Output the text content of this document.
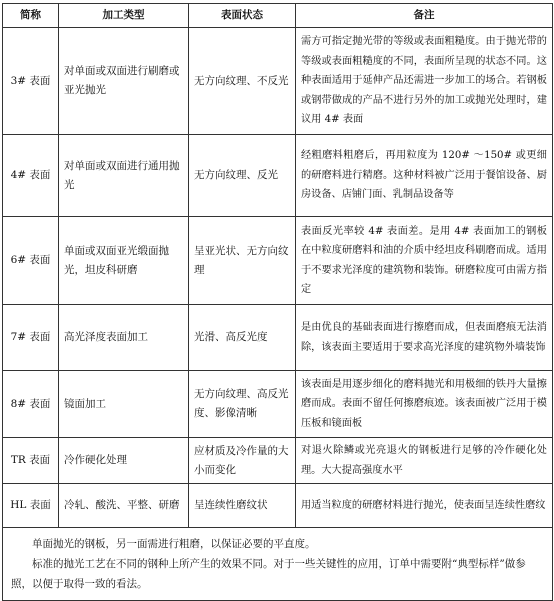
简称	加工类型	表面状态	备注
3# 表面	对单面或双面进行刷磨或亚光抛光	无方向纹理、不反光	需方可指定抛光带的等级或表面粗糙度。由于抛光带的等级或表面粗糙度的不同，表面所呈现的状态不同。这种表面适用于延伸产品还需进一步加工的场合。若钢板或钢带做成的产品不进行另外的加工或抛光处理时，建议用 4# 表面
4# 表面	对单面或双面进行通用抛光	无方向纹理、反光	经粗磨料粗磨后，再用粒度为 120# ～150# 或更细的研磨料进行精磨。这种材料被广泛用于餐馆设备、厨房设备、店铺门面、乳制品设备等
6# 表面	单面或双面亚光缎面抛光，坦皮科研磨	呈亚光状、无方向纹理	表面反光率较 4# 表面差。是用 4# 表面加工的钢板在中粒度研磨料和油的介质中经坦皮科刷磨而成。适用于不要求光泽度的建筑物和装饰。研磨粒度可由需方指定
7# 表面	高光泽度表面加工	光滑、高反光度	是由优良的基础表面进行擦磨而成，但表面磨痕无法消除，该表面主要适用于要求高光泽度的建筑物外墙装饰
8# 表面	镜面加工	无方向纹理、高反光度、影像清晰	该表面是用逐步细化的磨料抛光和用极细的铁丹大量擦磨而成。表面不留任何擦磨痕迹。该表面被广泛用于模压板和镜面板
TR 表面	冷作硬化处理	应材质及冷作量的大小而变化	对退火除鳞或光亮退火的钢板进行足够的冷作硬化处理。大大提高强度水平
HL 表面	冷轧、酸洗、平整、研磨	呈连续性磨纹状	用适当粒度的研磨材料进行抛光，使表面呈连续性磨纹

单面抛光的钢板，另一面需进行粗磨，以保证必要的平直度。

标准的抛光工艺在不同的钢种上所产生的效果不同。对于一些关键性的应用，订单中需要附“典型标样”做参照，以便于取得一致的看法。			
